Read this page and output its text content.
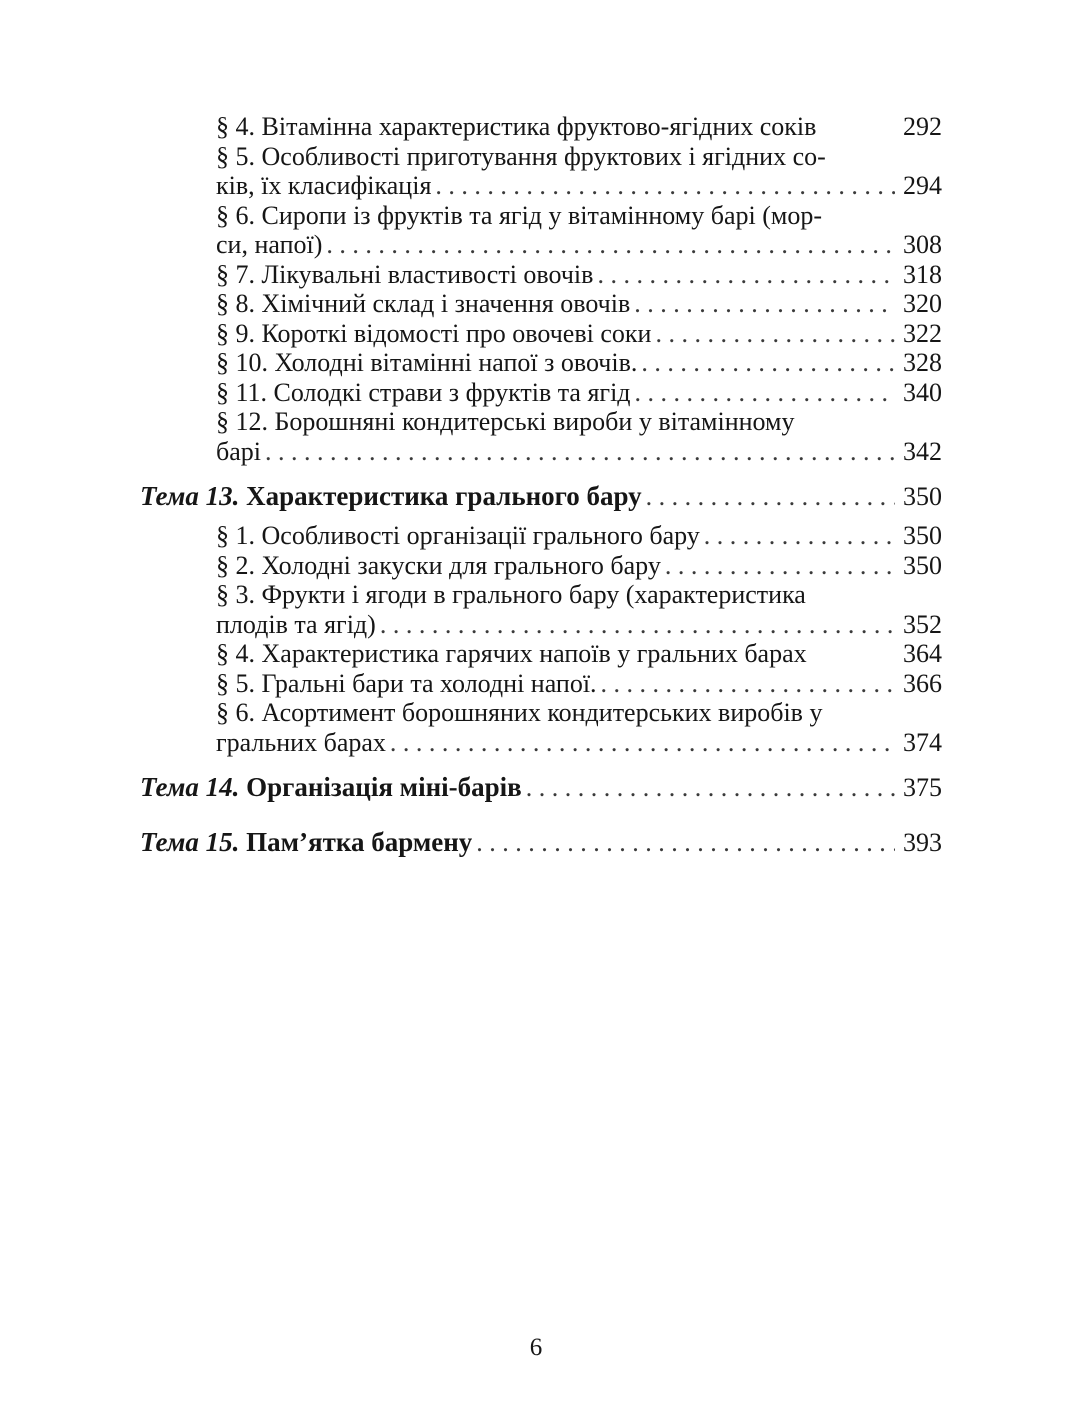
§ 4. Вітамінна характеристика фруктово-ягідних соків	292
§ 5. Особливості приготування фруктових і ягідних со-
ків, їх класифікація . . .	294
§ 6. Сиропи із фруктів та ягід у вітамінному барі (мор-
си, напої) . . .	308
§ 7. Лікувальні властивості овочів . . .	318
§ 8. Хімічний склад і значення овочів . . .	320
§ 9. Короткі відомості про овочеві соки . . .	322
§ 10. Холодні вітамінні напої з овочів. . . .	328
§ 11. Солодкі страви з фруктів та ягід . . .	340
§ 12. Борошняні кондитерські вироби у вітамінному
барі . . .	342
Тема 13. Характеристика грального бару . . .	350
§ 1. Особливості організації грального бару . . .	350
§ 2. Холодні закуски для грального бару . . .	350
§ 3. Фрукти і ягоди в грального бару (характеристика
плодів та ягід) . . .	352
§ 4. Характеристика гарячих напоїв у гральних барах	364
§ 5. Гральні бари та холодні напої. . . .	366
§ 6. Асортимент борошняних кондитерських виробів у
гральних барах . . .	374
Тема 14. Організація міні-барів . . .	375
Тема 15. Пам’ятка бармену . . .	393
6
